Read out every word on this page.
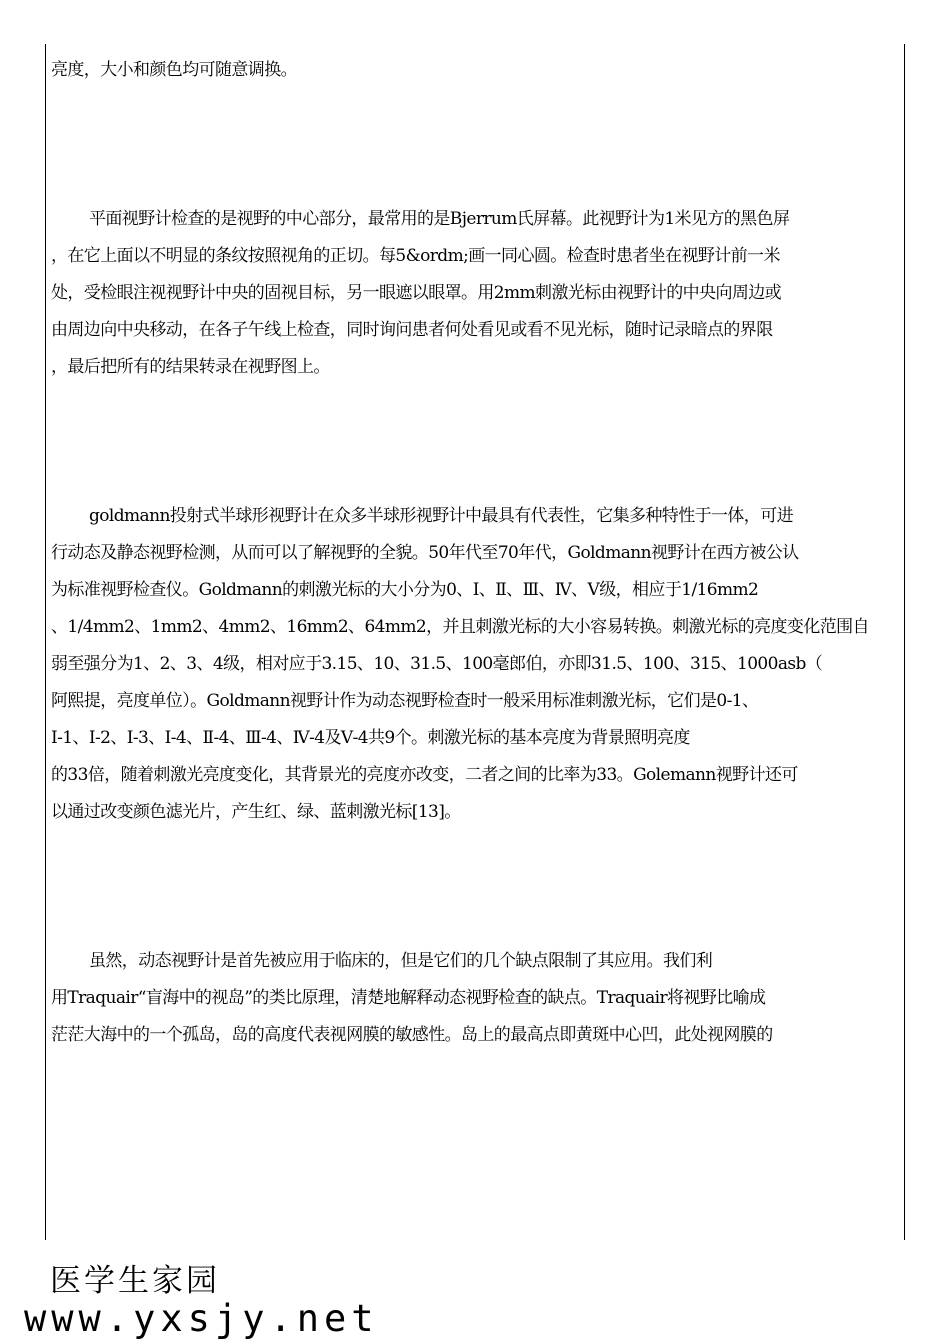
亮度，大小和颜色均可随意调换。
平面视野计检查的是视野的中心部分，最常用的是Bjerrum氏屏幕。此视野计为1米见方的黑色屏
，在它上面以不明显的条纹按照视角的正切。每5&ordm;画一同心圆。检查时患者坐在视野计前一米
处，受检眼注视视野计中央的固视目标，另一眼遮以眼罩。用2mm刺激光标由视野计的中央向周边或
由周边向中央移动，在各子午线上检查，同时询问患者何处看见或看不见光标，随时记录暗点的界限
，最后把所有的结果转录在视野图上。
goldmann投射式半球形视野计在众多半球形视野计中最具有代表性，它集多种特性于一体，可进
行动态及静态视野检测，从而可以了解视野的全貌。50年代至70年代，Goldmann视野计在西方被公认
为标准视野检查仪。Goldmann的刺激光标的大小分为0、Ⅰ、Ⅱ、Ⅲ、Ⅳ、Ⅴ级，相应于1/16mm2
、1/4mm2、1mm2、4mm2、16mm2、64mm2，并且刺激光标的大小容易转换。刺激光标的亮度变化范围自
弱至强分为1、2、3、4级，相对应于3.15、10、31.5、100毫郎伯，亦即31.5、100、315、1000asb（
阿熙提，亮度单位）。Goldmann视野计作为动态视野检查时一般采用标准刺激光标，它们是0-1、
Ⅰ-1、Ⅰ-2、Ⅰ-3、Ⅰ-4、Ⅱ-4、Ⅲ-4、Ⅳ-4及Ⅴ-4共9个。刺激光标的基本亮度为背景照明亮度
的33倍，随着刺激光亮度变化，其背景光的亮度亦改变，二者之间的比率为33。Golemann视野计还可
以通过改变颜色滤光片，产生红、绿、蓝刺激光标[13]。
虽然，动态视野计是首先被应用于临床的，但是它们的几个缺点限制了其应用。我们利
用Traquair“盲海中的视岛”的类比原理，清楚地解释动态视野检查的缺点。Traquair将视野比喻成
茫茫大海中的一个孤岛，岛的高度代表视网膜的敏感性。岛上的最高点即黄斑中心凹，此处视网膜的
医学生家园
www.yxsjy.net
